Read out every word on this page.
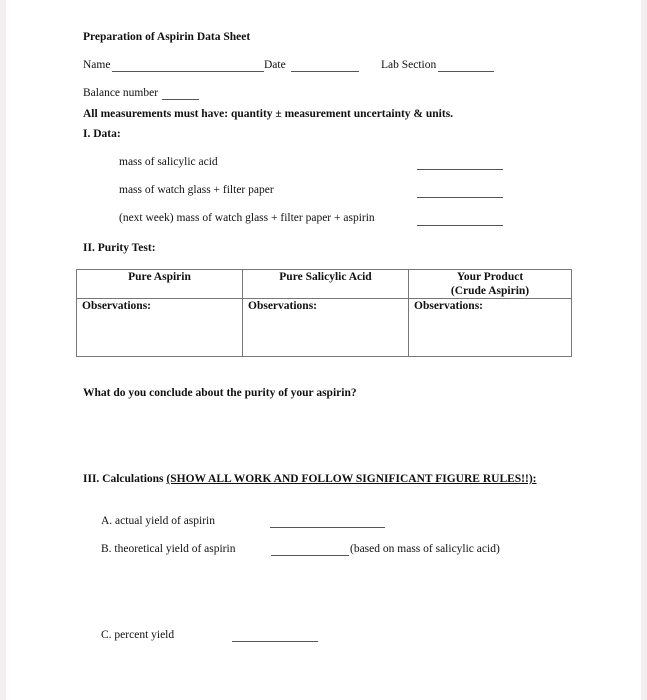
Preparation of Aspirin Data Sheet
Name	Date	Lab Section
Balance number
All measurements must have: quantity ± measurement uncertainty & units.
I. Data:
mass of salicylic acid
mass of watch glass + filter paper
(next week) mass of watch glass + filter paper + aspirin
II. Purity Test:
Pure Aspirin	Pure Salicylic Acid	Your Product
(Crude Aspirin)
Observations:	Observations:	Observations:
What do you conclude about the purity of your aspirin?
III. Calculations (SHOW ALL WORK AND FOLLOW SIGNIFICANT FIGURE RULES!!):
A. actual yield of aspirin
B. theoretical yield of aspirin	(based on mass of salicylic acid)
C. percent yield
